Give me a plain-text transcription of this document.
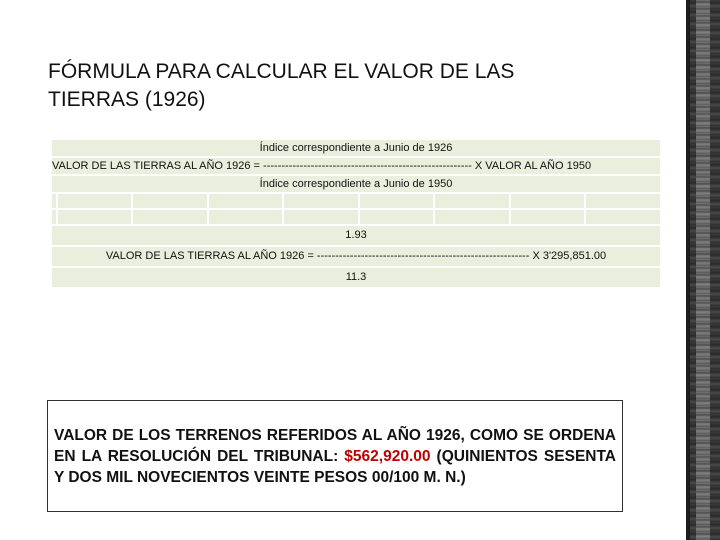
FÓRMULA PARA CALCULAR EL VALOR DE LAS
TIERRAS (1926)
Índice correspondiente a Junio de 1926								
VALOR DE LAS TIERRAS AL AÑO 1926 = --------------------------------------------------------- X VALOR AL AÑO 1950								
Índice correspondiente a Junio de 1950								

1.93								
VALOR DE LAS TIERRAS AL AÑO 1926 = ---------------------------------------------------------- X 3'295,851.00								
11.3								

VALOR DE LOS TERRENOS REFERIDOS AL AÑO 1926, COMO SE ORDENA EN LA RESOLUCIÓN DEL TRIBUNAL: $562,920.00 (QUINIENTOS SESENTA Y DOS MIL NOVECIENTOS VEINTE PESOS 00/100 M. N.)
